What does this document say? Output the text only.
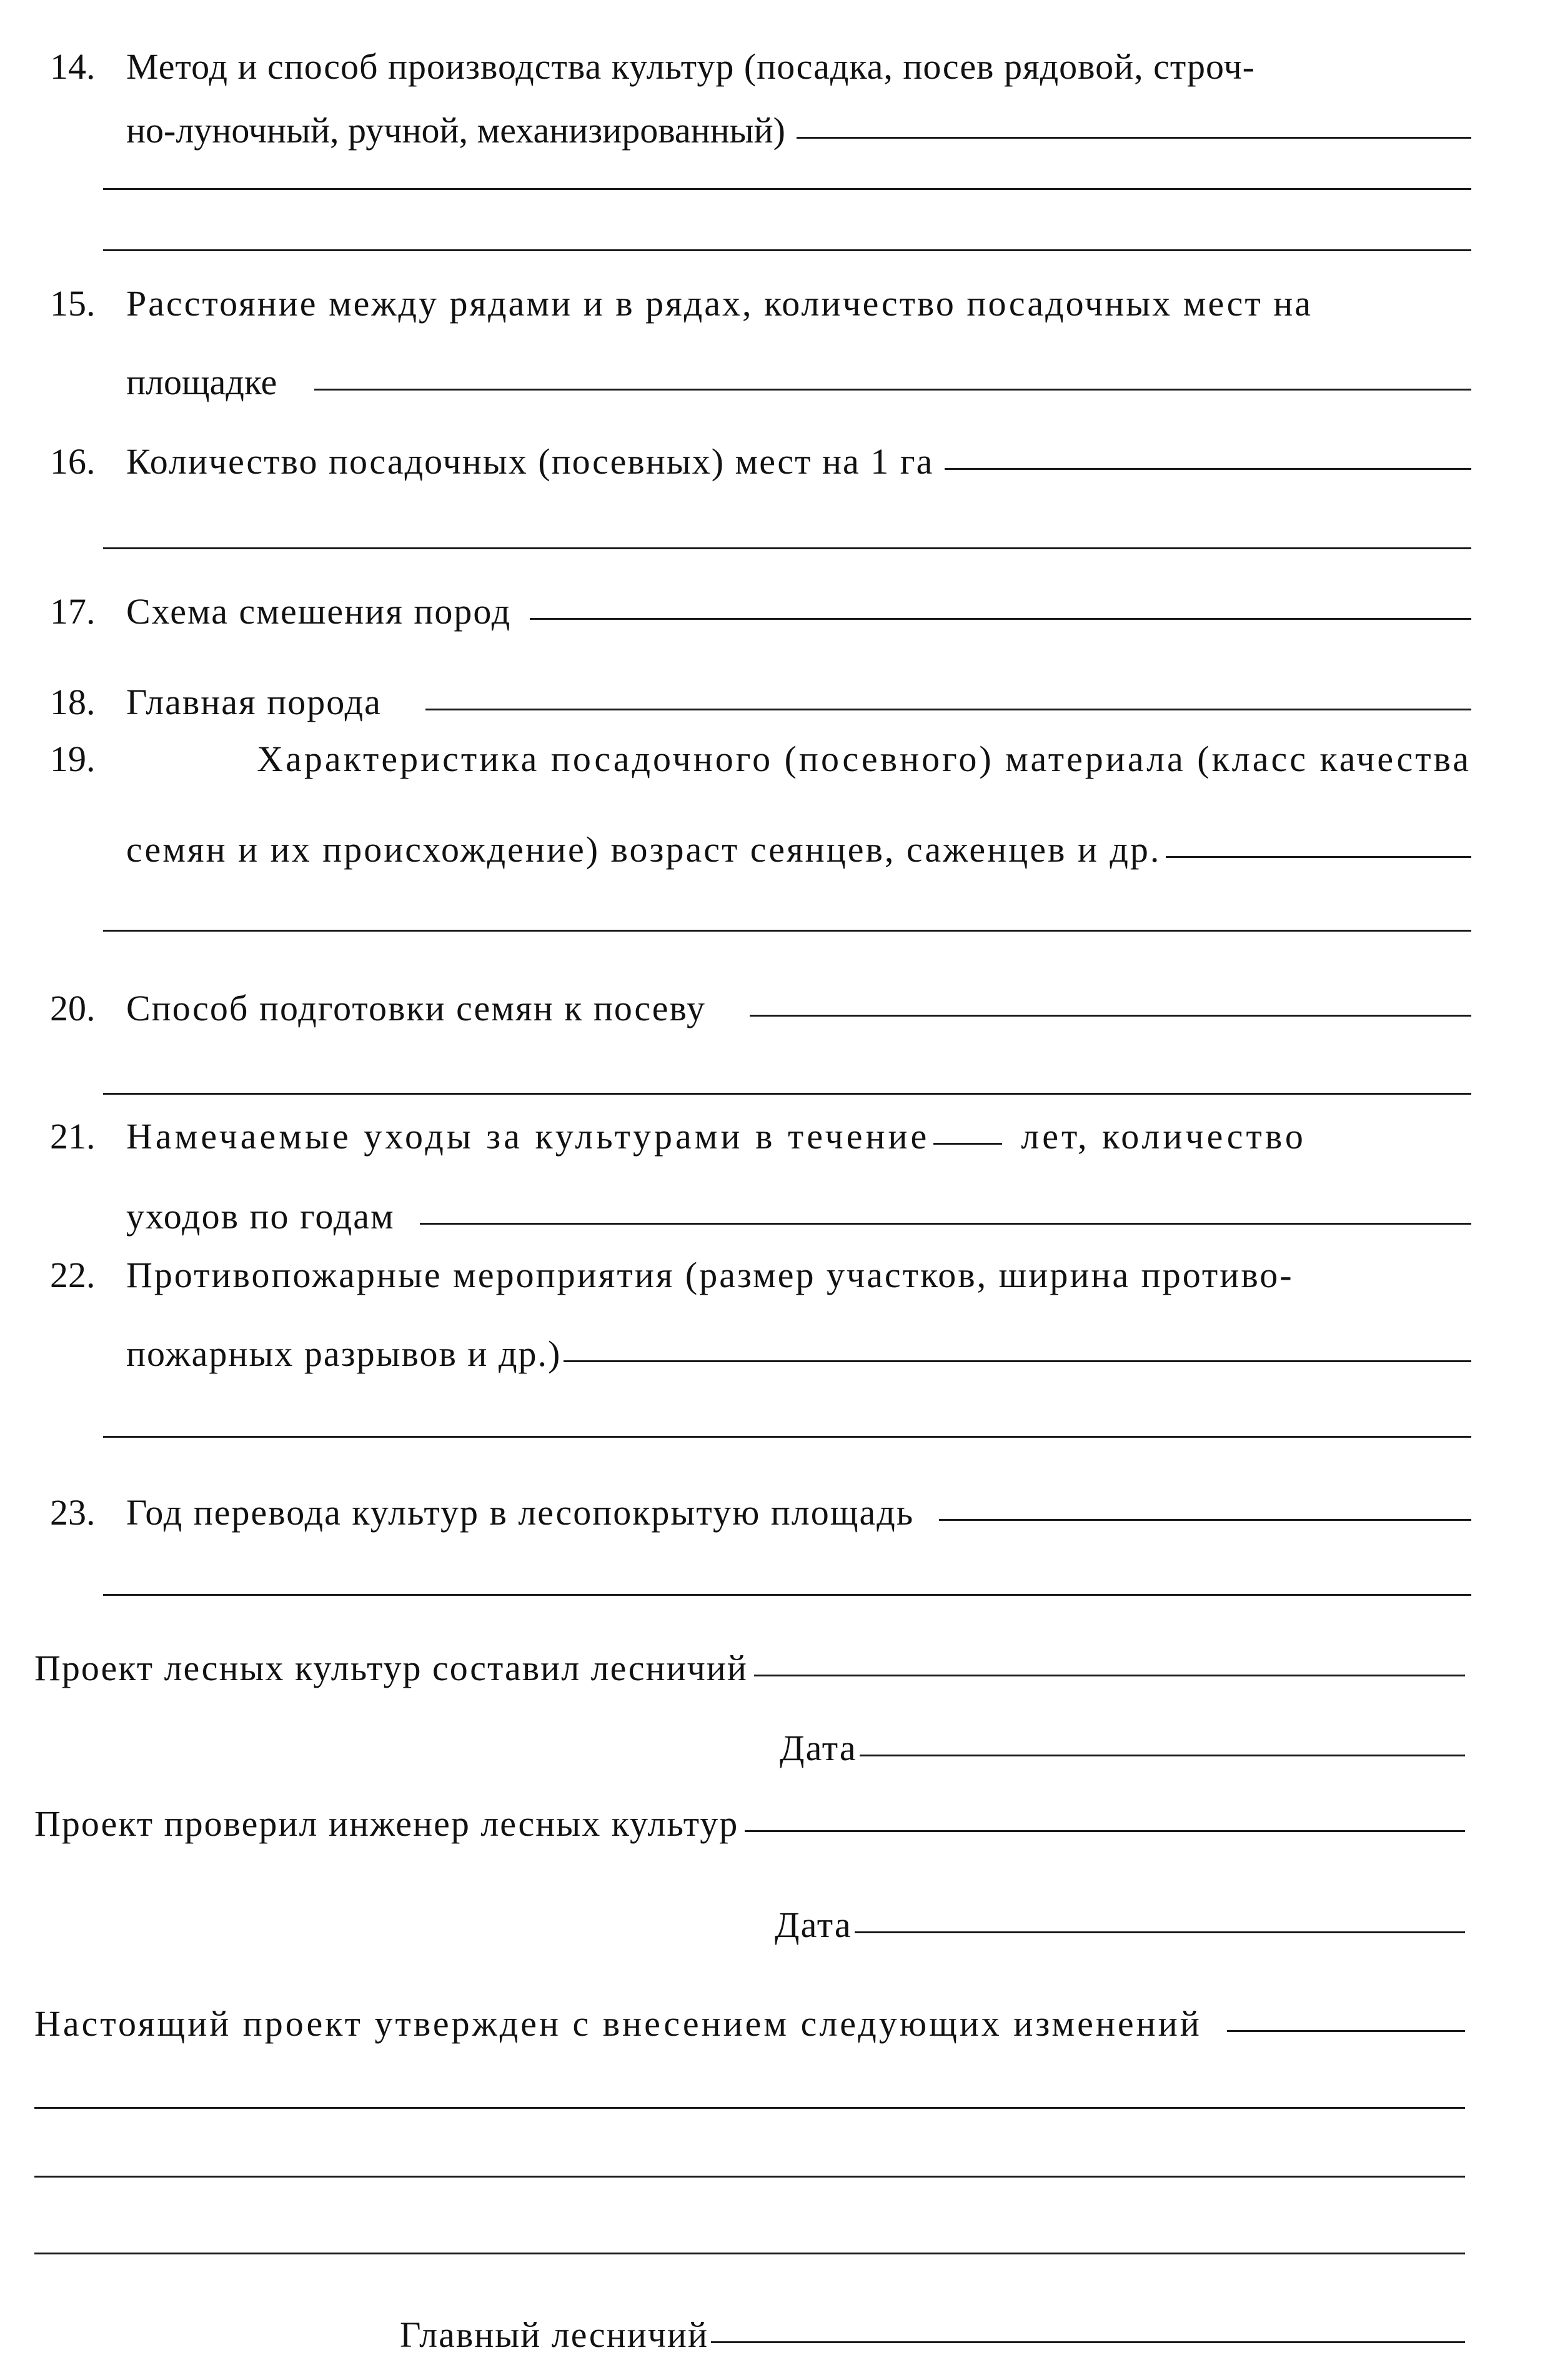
14. Метод и способ производства культур (посадка, посев рядовой, строч-
но-луночный, ручной, механизированный)
15. Расстояние между рядами и в рядах, количество посадочных мест на
площадке
16. Количество посадочных (посевных) мест на 1 га
17. Схема смешения пород
18. Главная порода
19.	Характеристика посадочного (посевного) материала (класс качества
семян и их происхождение) возраст сеянцев, саженцев и др.
20. Способ подготовки семян к посеву
21. Намечаемые уходы за культурами в течение	лет, количество
уходов по годам
22. Противопожарные мероприятия (размер участков, ширина противо-
пожарных разрывов и др.)
23. Год перевода культур в лесопокрытую площадь
Проект лесных культур составил лесничий
Дата
Проект проверил инженер лесных культур
Дата
Настоящий проект утвержден с внесением следующих изменений
Главный лесничий
